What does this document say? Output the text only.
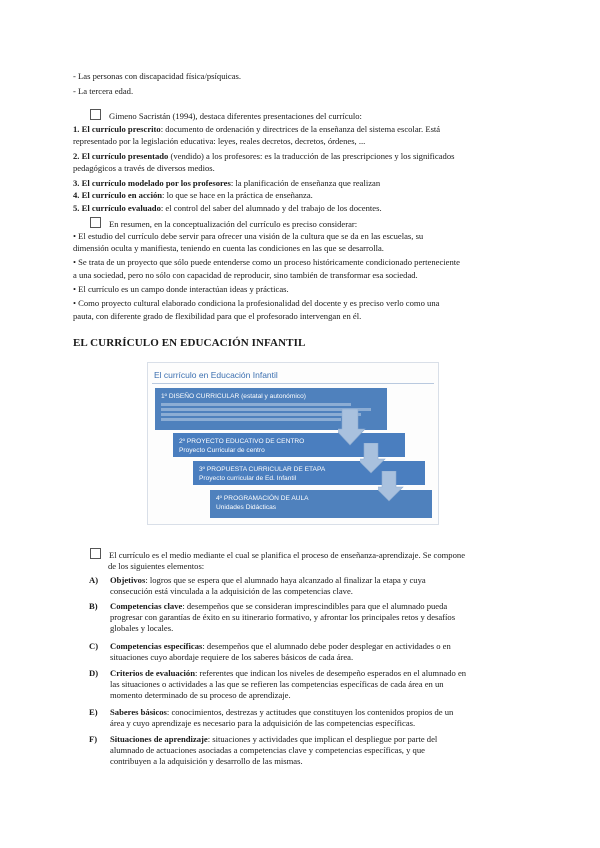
- Las personas con discapacidad física/psíquicas.
- La tercera edad.
Gimeno Sacristán (1994), destaca diferentes presentaciones del currículo:
1. El currículo prescrito: documento de ordenación y directrices de la enseñanza del sistema escolar. Está
representado por la legislación educativa: leyes, reales decretos, decretos, órdenes, ...
2. El currículo presentado (vendido) a los profesores: es la traducción de las prescripciones y los significados
pedagógicos a través de diversos medios.
3. El currículo modelado por los profesores: la planificación de enseñanza que realizan
4. El currículo en acción: lo que se hace en la práctica de enseñanza.
5. El currículo evaluado: el control del saber del alumnado y del trabajo de los docentes.
En resumen, en la conceptualización del currículo es preciso considerar:
• El estudio del currículo debe servir para ofrecer una visión de la cultura que se da en las escuelas, su
dimensión oculta y manifiesta, teniendo en cuenta las condiciones en las que se desarrolla.
• Se trata de un proyecto que sólo puede entenderse como un proceso históricamente condicionado perteneciente
a una sociedad, pero no sólo con capacidad de reproducir, sino también de transformar esa sociedad.
• El currículo es un campo donde interactúan ideas y prácticas.
• Como proyecto cultural elaborado condiciona la profesionalidad del docente y es preciso verlo como una
pauta, con diferente grado de flexibilidad para que el profesorado intervengan en él.
EL CURRÍCULO EN EDUCACIÓN INFANTIL
El currículo en Educación Infantil
1º DISEÑO CURRICULAR (estatal y autonómico)
2º PROYECTO EDUCATIVO DE CENTRO
Proyecto Curricular de centro
3º PROPUESTA CURRICULAR DE ETAPA
Proyecto curricular de Ed. Infantil
4º PROGRAMACIÓN DE AULA
Unidades Didácticas
El currículo es el medio mediante el cual se planifica el proceso de enseñanza-aprendizaje. Se compone
de los siguientes elementos:
A) Objetivos: logros que se espera que el alumnado haya alcanzado al finalizar la etapa y cuya
consecución está vinculada a la adquisición de las competencias clave.
B) Competencias clave: desempeños que se consideran imprescindibles para que el alumnado pueda
progresar con garantías de éxito en su itinerario formativo, y afrontar los principales retos y desafíos
globales y locales.
C) Competencias específicas: desempeños que el alumnado debe poder desplegar en actividades o en
situaciones cuyo abordaje requiere de los saberes básicos de cada área.
D) Criterios de evaluación: referentes que indican los niveles de desempeño esperados en el alumnado en
las situaciones o actividades a las que se refieren las competencias específicas de cada área en un
momento determinado de su proceso de aprendizaje.
E) Saberes básicos: conocimientos, destrezas y actitudes que constituyen los contenidos propios de un
área y cuyo aprendizaje es necesario para la adquisición de las competencias específicas.
F) Situaciones de aprendizaje: situaciones y actividades que implican el despliegue por parte del
alumnado de actuaciones asociadas a competencias clave y competencias específicas, y que
contribuyen a la adquisición y desarrollo de las mismas.
